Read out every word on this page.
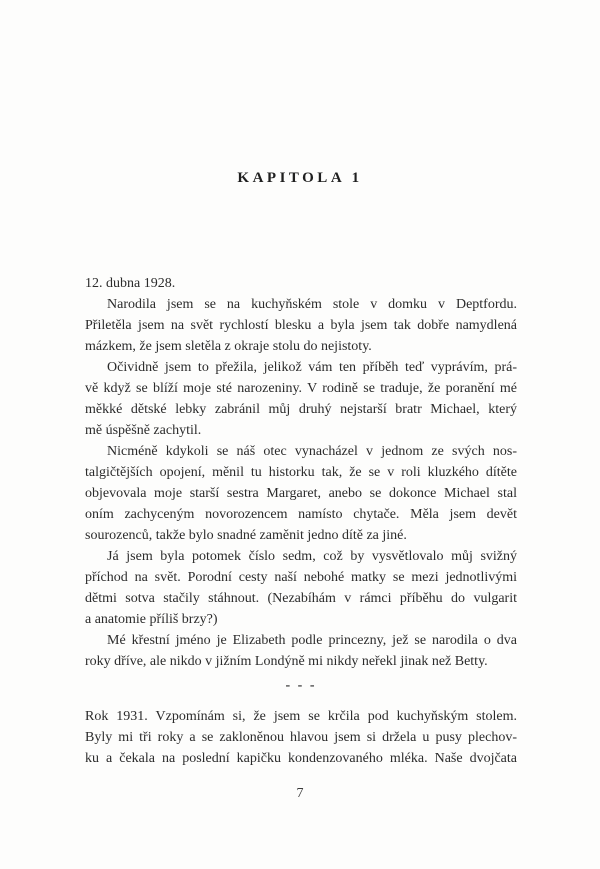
KAPITOLA 1
12. dubna 1928.
Narodila jsem se na kuchyňském stole v domku v Deptfordu.
Přiletěla jsem na svět rychlostí blesku a byla jsem tak dobře namydlená
mázkem, že jsem sletěla z okraje stolu do nejistoty.
Očividně jsem to přežila, jelikož vám ten příběh teď vyprávím, prá-
vě když se blíží moje sté narozeniny. V rodině se traduje, že poranění mé
měkké dětské lebky zabránil můj druhý nejstarší bratr Michael, který
mě úspěšně zachytil.
Nicméně kdykoli se náš otec vynacházel v jednom ze svých nos-
talgičtějších opojení, měnil tu historku tak, že se v roli kluzkého dítěte
objevovala moje starší sestra Margaret, anebo se dokonce Michael stal
oním zachyceným novorozencem namísto chytače. Měla jsem devět
sourozenců, takže bylo snadné zaměnit jedno dítě za jiné.
Já jsem byla potomek číslo sedm, což by vysvětlovalo můj svižný
příchod na svět. Porodní cesty naší nebohé matky se mezi jednotlivými
dětmi sotva stačily stáhnout. (Nezabíhám v rámci příběhu do vulgarit
a anatomie příliš brzy?)
Mé křestní jméno je Elizabeth podle princezny, jež se narodila o dva
roky dříve, ale nikdo v jižním Londýně mi nikdy neřekl jinak než Betty.
- - -
Rok 1931. Vzpomínám si, že jsem se krčila pod kuchyňským stolem.
Byly mi tři roky a se zakloněnou hlavou jsem si držela u pusy plechov-
ku a čekala na poslední kapičku kondenzovaného mléka. Naše dvojčata
7
